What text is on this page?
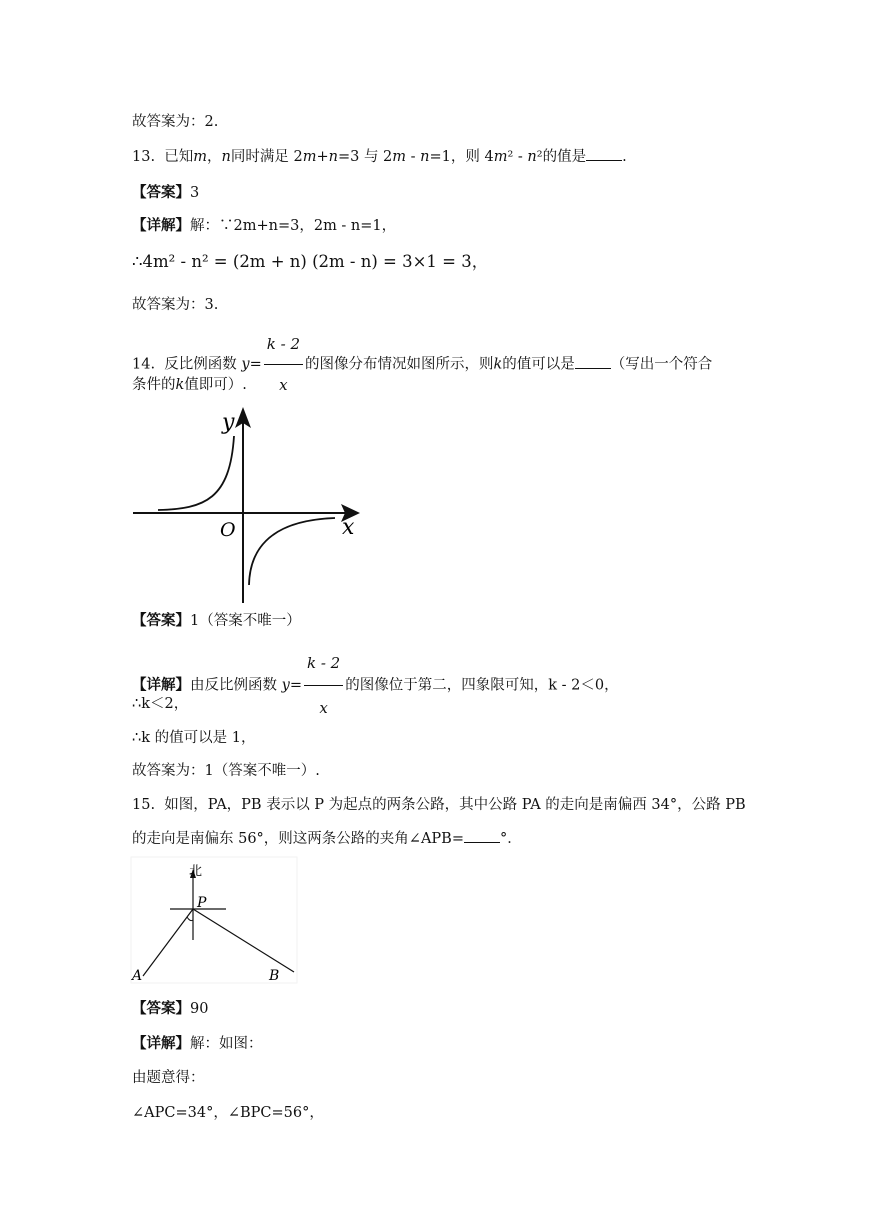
故答案为：2.
13. 已知m，n同时满足 2m+n=3 与 2m - n=1，则 4m² - n²的值是 .
【答案】3
【详解】解：∵2m+n=3，2m - n=1，
∴4m² - n² = (2m + n) (2m - n) = 3×1 = 3，
故答案为：3.
14. 反比例函数 $y= \frac{k - 2}{x}$ 的图像分布情况如图所示，则k的值可以是 （写出一个符合
条件的k值即可）.
y
x
O
【答案】1（答案不唯一）
【详解】由反比例函数 $y= \frac{k - 2}{x}$ 的图像位于第二，四象限可知，k - 2＜0，
∴k＜2，
∴k 的值可以是 1，
故答案为：1（答案不唯一）.
15. 如图，PA，PB 表示以 P 为起点的两条公路，其中公路 PA 的走向是南偏西 34°，公路 PB
的走向是南偏东 56°，则这两条公路的夹角∠APB= °．
北
P
A	B
【答案】90
【详解】解：如图：
由题意得：
∠APC=34°，∠BPC=56°，
